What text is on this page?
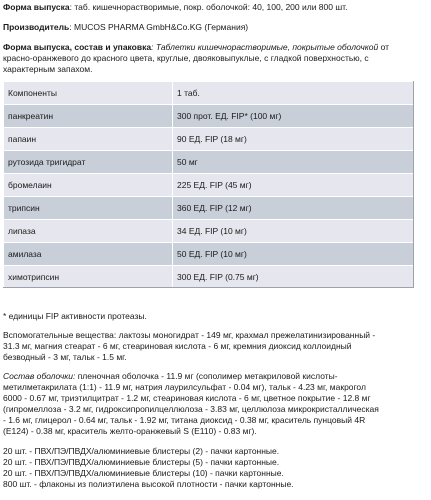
Форма выпуска: таб. кишечнорастворимые, покр. оболочкой: 40, 100, 200 или 800 шт.
Производитель: MUCOS PHARMA GmbH&Co.KG (Германия)
Форма выпуска, состав и упаковка: Таблетки кишечнорастворимые, покрытые оболочкой от
красно-оранжевого до красного цвета, круглые, двояковыпуклые, с гладкой поверхностью, с
характерным запахом.
Компоненты	1 таб.
панкреатин	300 прот. ЕД. FIP* (100 мг)
папаин	90 ЕД. FIP (18 мг)
рутозида тригидрат	50 мг
бромелаин	225 ЕД. FIP (45 мг)
трипсин	360 ЕД. FIP (12 мг)
липаза	34 ЕД. FIP (10 мг)
амилаза	50 ЕД. FIP (10 мг)
химотрипсин	300 ЕД. FIP (0.75 мг)
* единицы FIP активности протеазы.
Вспомогательные вещества: лактозы моногидрат - 149 мг, крахмал прежелатинизированный -
31.3 мг, магния стеарат - 6 мг, стеариновая кислота - 6 мг, кремния диоксид коллоидный
безводный - 3 мг, тальк - 1.5 мг.
Состав оболочки: пленочная оболочка - 11.9 мг (сополимер метакриловой кислоты-
метилметакрилата (1:1) - 11.9 мг, натрия лаурилсульфат - 0.04 мг), тальк - 4.23 мг, макрогол
6000 - 0.67 мг, триэтилцитрат - 1.2 мг, стеариновая кислота - 6 мг, цветное покрытие - 12.8 мг
(гипромеллоза - 3.2 мг, гидроксипропилцеллюлоза - 3.83 мг, целлюлоза микрокристаллическая
- 1.6 мг, глицерол - 0.64 мг, тальк - 1.92 мг, титана диоксид - 0.38 мг, краситель пунцовый 4R
(E124) - 0.38 мг, краситель желто-оранжевый S (E110) - 0.83 мг).
20 шт. - ПВХ/ПЭ/ПВДХ/алюминиевые блистеры (2) - пачки картонные.
20 шт. - ПВХ/ПЭ/ПВДХ/алюминиевые блистеры (5) - пачки картонные.
20 шт. - ПВХ/ПЭ/ПВДХ/алюминиевые блистеры (10) - пачки картонные.
800 шт. - флаконы из полиэтилена высокой плотности - пачки картонные.
